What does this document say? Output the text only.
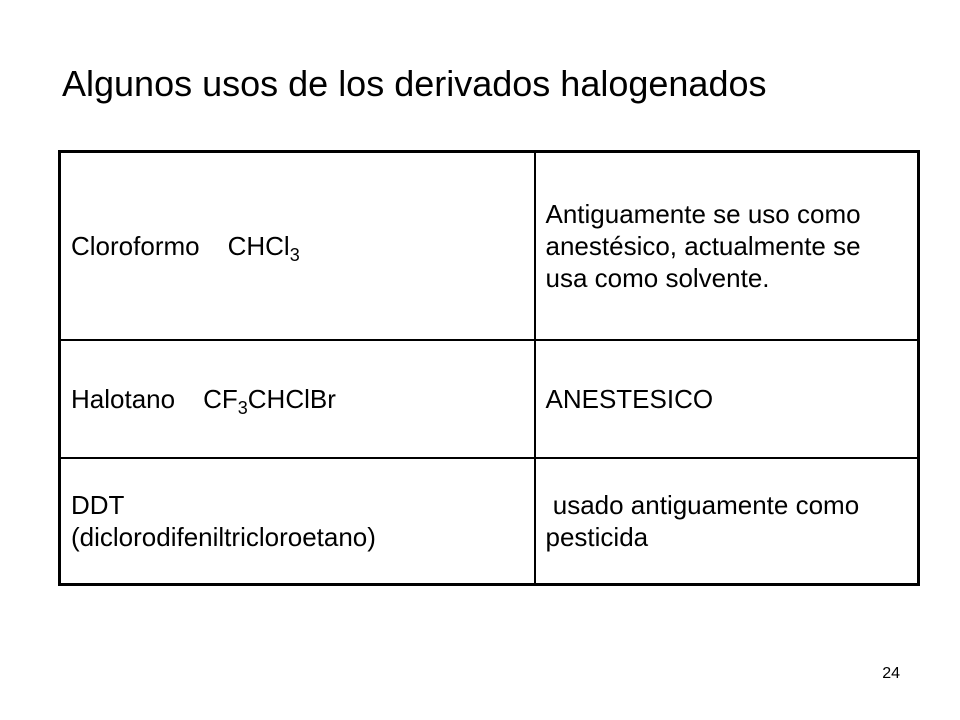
Algunos usos de los derivados halogenados
Cloroformo CHCl$_3$	Antiguamente se uso como anestésico, actualmente se usa como solvente.
Halotano $CF_3CHClBr$	ANESTESICO
DDT
(diclorodifeniltricloroetano)	usado antiguamente como pesticida
24
